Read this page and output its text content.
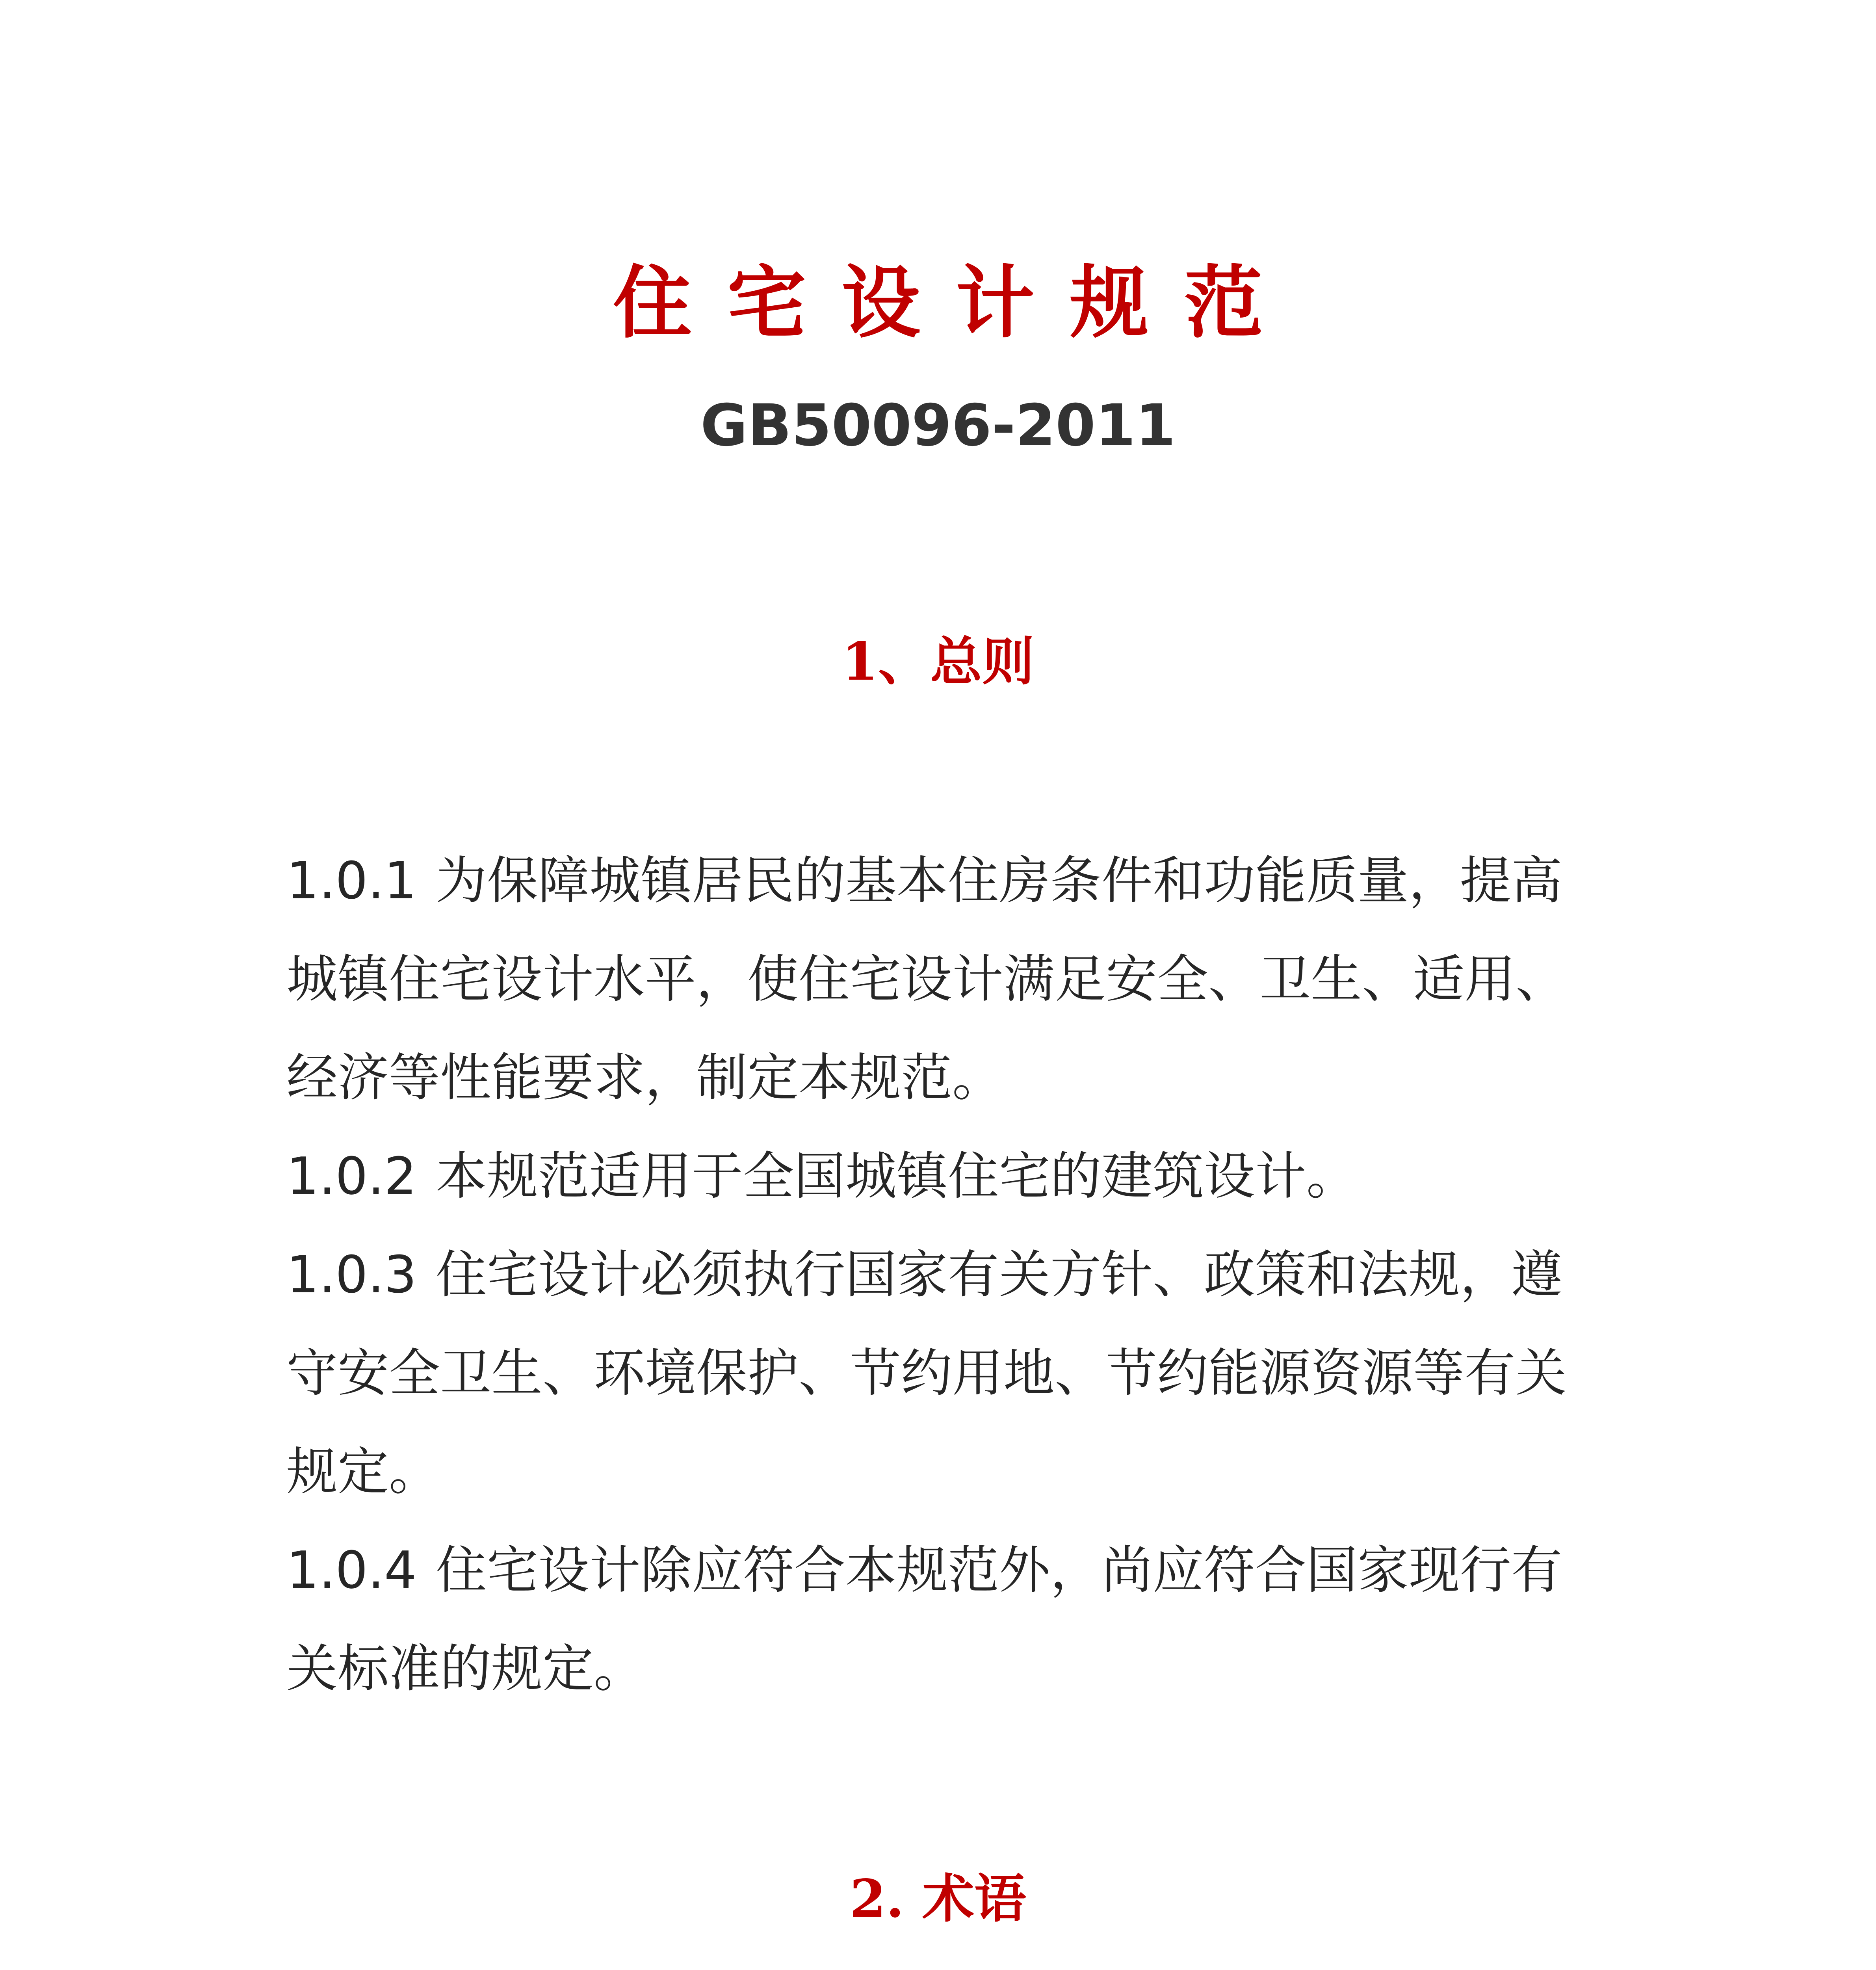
住宅设计规范
GB50096-2011
1、总则
1.0.1 为保障城镇居民的基本住房条件和功能质量，提高
城镇住宅设计水平，使住宅设计满足安全、卫生、适用、
经济等性能要求，制定本规范。
1.0.2 本规范适用于全国城镇住宅的建筑设计。
1.0.3 住宅设计必须执行国家有关方针、政策和法规，遵
守安全卫生、环境保护、节约用地、节约能源资源等有关
规定。
1.0.4 住宅设计除应符合本规范外，尚应符合国家现行有
关标准的规定。
2. 术语
